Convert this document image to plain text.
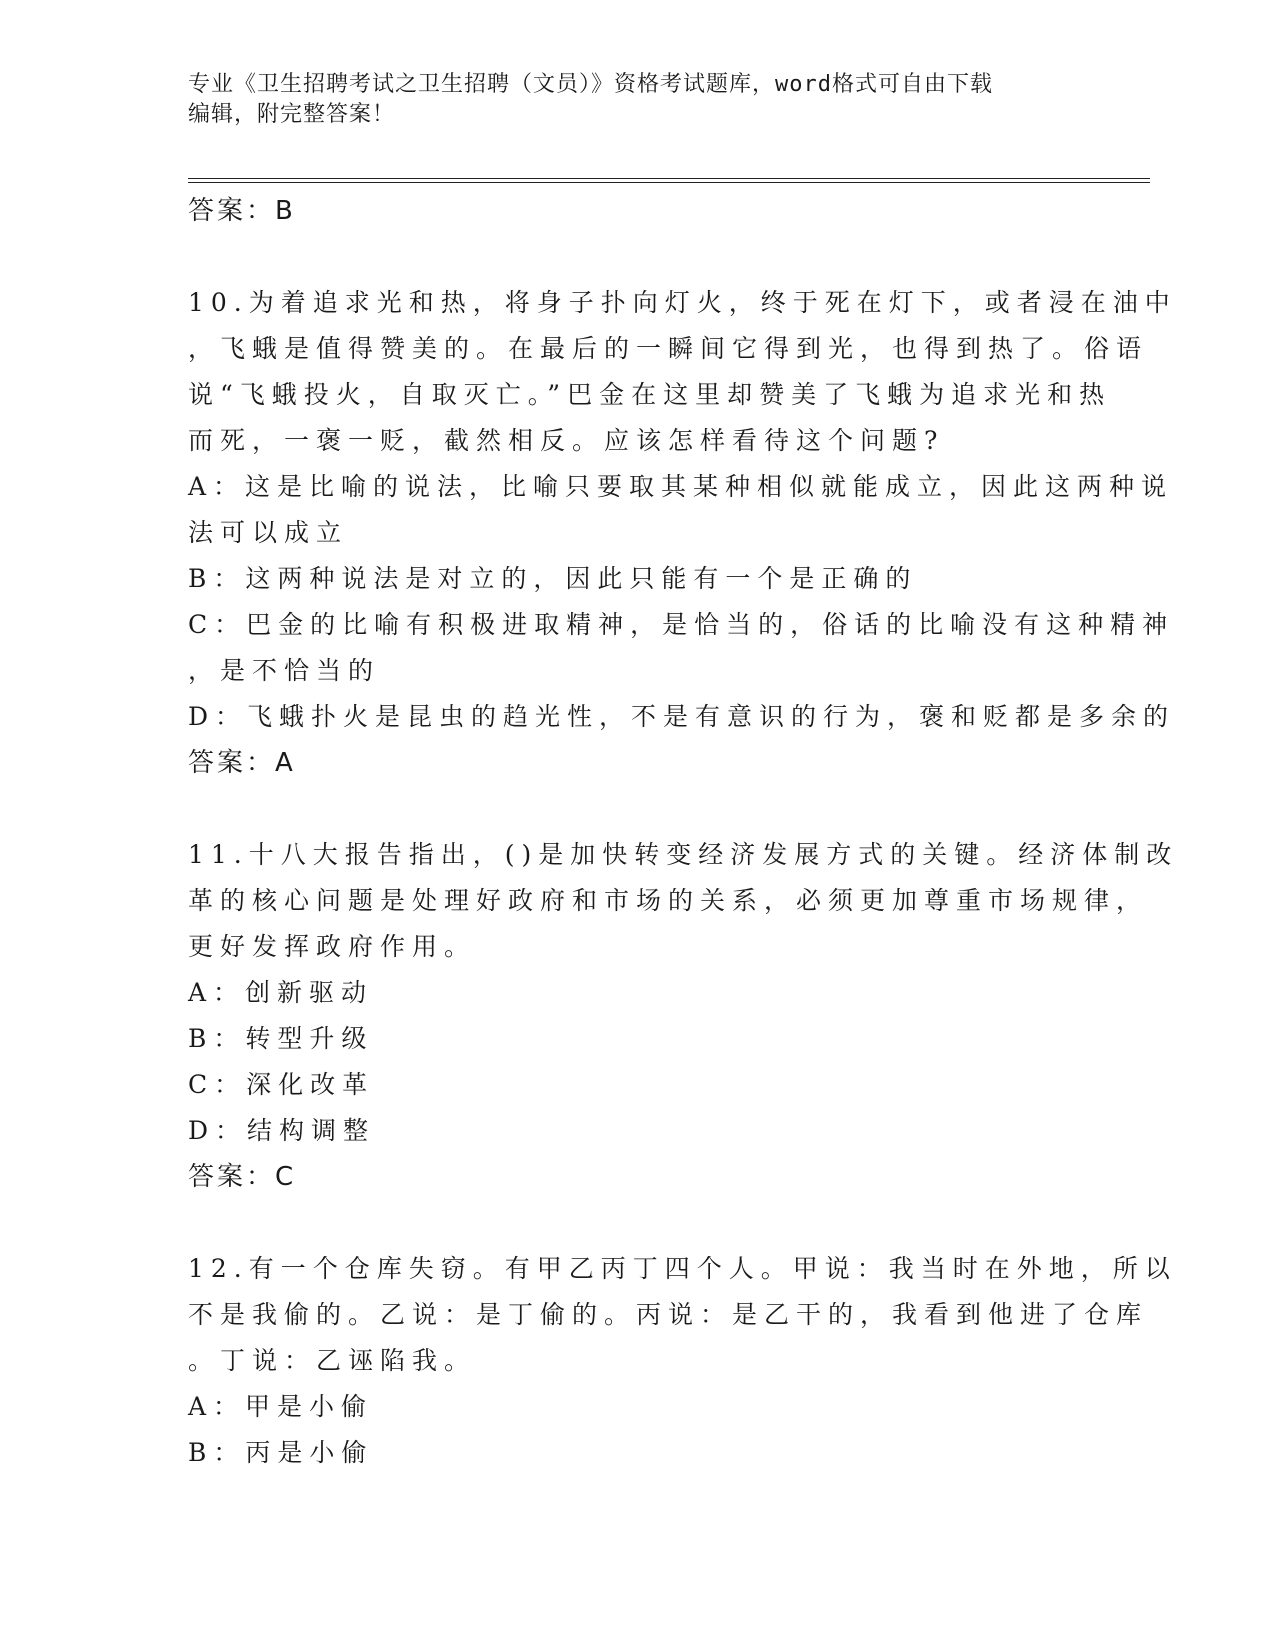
专业《卫生招聘考试之卫生招聘（文员）》资格考试题库，word格式可自由下载
编辑，附完整答案！
答案：B
10.为着追求光和热，将身子扑向灯火，终于死在灯下，或者浸在油中
，飞蛾是值得赞美的。在最后的一瞬间它得到光，也得到热了。俗语
说“飞蛾投火，自取灭亡。”巴金在这里却赞美了飞蛾为追求光和热
而死，一褒一贬，截然相反。应该怎样看待这个问题?
A：这是比喻的说法，比喻只要取其某种相似就能成立，因此这两种说
法可以成立
B：这两种说法是对立的，因此只能有一个是正确的
C：巴金的比喻有积极进取精神，是恰当的，俗话的比喻没有这种精神
，是不恰当的
D：飞蛾扑火是昆虫的趋光性，不是有意识的行为，褒和贬都是多余的
答案：A
11.十八大报告指出，()是加快转变经济发展方式的关键。经济体制改
革的核心问题是处理好政府和市场的关系，必须更加尊重市场规律，
更好发挥政府作用。
A：创新驱动
B：转型升级
C：深化改革
D：结构调整
答案：C
12.有一个仓库失窃。有甲乙丙丁四个人。甲说：我当时在外地，所以
不是我偷的。乙说：是丁偷的。丙说：是乙干的，我看到他进了仓库
。丁说：乙诬陷我。
A：甲是小偷
B：丙是小偷
